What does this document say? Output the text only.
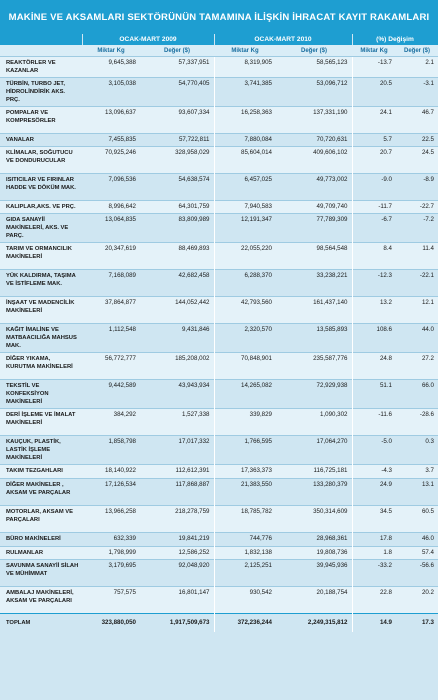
MAKİNE VE AKSAMLARI SEKTÖRÜNÜN TAMAMINA İLİŞKİN İHRACAT KAYIT RAKAMLARI
	OCAK-MART 2009		OCAK-MART 2010		(%) Değişim	
	Miktar Kg	Değer ($)	Miktar Kg	Değer ($)	Miktar Kg	Değer ($)
REAKTÖRLER VE KAZANLAR	9,645,388	57,337,951	8,319,905	58,565,123	-13.7	2.1
TÜRBİN, TURBO JET, HİDROLİNDİRİK AKS. PRÇ.	3,105,038	54,770,405	3,741,385	53,096,712	20.5	-3.1
POMPALAR VE KOMPRESÖRLER	13,096,637	93,607,334	16,258,363	137,331,190	24.1	46.7
VANALAR	7,455,835	57,722,811	7,880,084	70,720,631	5.7	22.5
KLİMALAR, SOĞUTUCU VE DONDURUCULAR	70,925,246	328,958,029	85,604,014	409,606,102	20.7	24.5
ISITICILAR VE FIRINLAR HADDE VE DÖKÜM MAK.	7,096,536	54,638,574	6,457,025	49,773,002	-9.0	-8.9
KALIPLAR,AKS. VE PRÇ.	8,996,642	64,301,759	7,940,583	49,709,740	-11.7	-22.7
GIDA SANAYİİ MAKİNELERİ, AKS. VE PARÇ.	13,064,835	83,809,989	12,191,347	77,789,309	-6.7	-7.2
TARIM VE ORMANCILIK MAKİNELERİ	20,347,619	88,469,893	22,055,220	98,564,548	8.4	11.4
YÜK KALDIRMA, TAŞIMA VE İSTİFLEME MAK.	7,168,089	42,682,458	6,288,370	33,238,221	-12.3	-22.1
İNŞAAT VE MADENCİLİK MAKİNELERİ	37,864,877	144,052,442	42,793,560	161,437,140	13.2	12.1
KAĞIT İMALİNE VE MATBAACILIĞA MAHSUS MAK.	1,112,548	9,431,846	2,320,570	13,585,893	108.6	44.0
DİĞER YIKAMA, KURUTMA MAKİNELERİ	56,772,777	185,208,002	70,848,901	235,587,776	24.8	27.2
TEKSTİL VE KONFEKSİYON MAKİNELERİ	9,442,589	43,943,934	14,265,082	72,929,938	51.1	66.0
DERİ İŞLEME VE İMALAT MAKİNELERİ	384,292	1,527,338	339,829	1,090,302	-11.6	-28.6
KAUÇUK, PLASTİK, LASTİK İŞLEME MAKİNELERİ	1,858,798	17,017,332	1,766,595	17,064,270	-5.0	0.3
TAKIM TEZGAHLARI	18,140,922	112,612,391	17,363,373	116,725,181	-4.3	3.7
DİĞER MAKİNELER , AKSAM VE PARÇALAR	17,126,534	117,868,887	21,383,550	133,280,379	24.9	13.1
MOTORLAR, AKSAM VE PARÇALARI	13,966,258	218,278,759	18,785,782	350,314,609	34.5	60.5
BÜRO MAKİNELERİ	632,339	19,841,219	744,776	28,968,361	17.8	46.0
RULMANLAR	1,798,999	12,586,252	1,832,138	19,808,736	1.8	57.4
SAVUNMA SANAYİİ SİLAH VE MÜHİMMAT	3,179,695	92,048,920	2,125,251	39,945,936	-33.2	-56.6
AMBALAJ MAKİNELERİ, AKSAM VE PARÇALARI	757,575	16,801,147	930,542	20,188,754	22.8	20.2
TOPLAM	323,880,050	1,917,509,673	372,236,244	2,249,315,812	14.9	17.3
